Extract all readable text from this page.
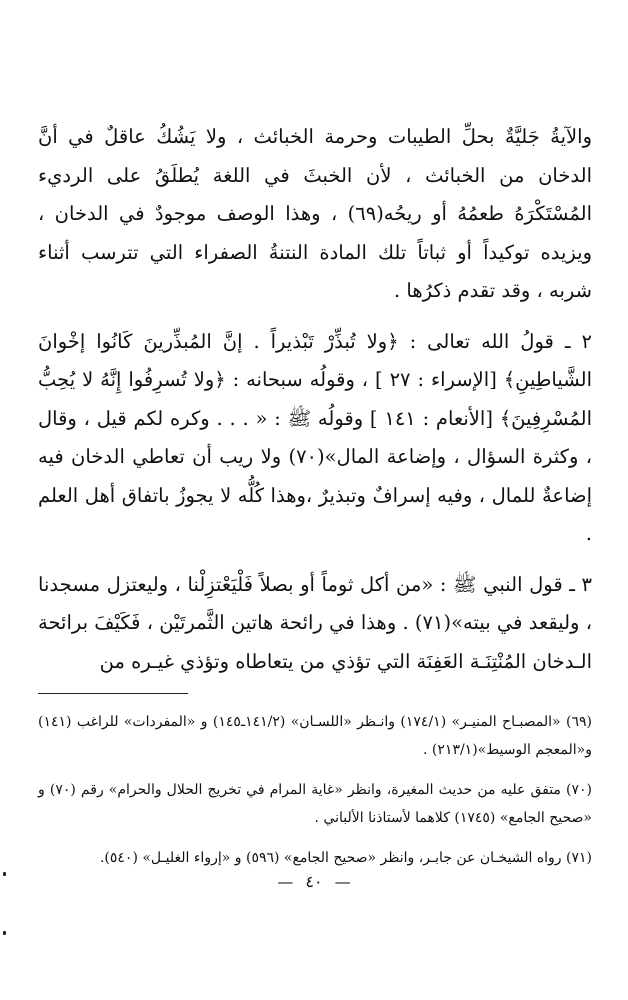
والآيةُ جَليَّةٌ بحلِّ الطيبات وحرمة الخبائث ، ولا يَشُكُ عاقلٌ في أنَّ الدخان من الخبائث ، لأن الخبثَ في اللغة يُطلَقُ على الرديء المُسْتَكْرَهُ طعمُهُ أو ريحُه(٦٩) ، وهذا الوصف موجودٌ في الدخان ، ويزيده توكيداً أو ثباتاً تلك المادة النتنةُ الصفراء التي تترسب أثناء شربه ، وقد تقدم ذكرُها .

٢ ـ قولُ الله تعالى : ﴿ولا تُبذِّرْ تَبْذيراً . إنَّ المُبذِّرينَ كَانُوا إخْوانَ الشَّياطِينِ﴾ [الإسراء : ٢٧ ] ، وقولُه سبحانه : ﴿ولا تُسرِفُوا إِنَّهُ لا يُحِبُّ المُسْرِفِينَ﴾ [الأنعام : ١٤١ ] وقولُه ﷺ : « . . . وكره لكم قيل ، وقال ، وكثرة السؤال ، وإضاعة المال»(٧٠) ولا ريب أن تعاطي الدخان فيه إضاعةٌ للمال ، وفيه إسرافٌ وتبذيرٌ ،وهذا كُلُّه لا يجوزُ باتفاق أهل العلم .

٣ ـ قول النبي ﷺ : «من أكل ثوماً أو بصلاً فَلْيَعْتزِلْنا ، وليعتزل مسجدنا ، وليقعد في بيته»(٧١) . وهذا في رائحة هاتين الثَّمرتَيْن ، فَكَيْفَ برائحة الـدخان المُنْتِنَـة العَفِنَة التي تؤذي من يتعاطاه وتؤذي غيـره من

(٦٩) «المصبـاح المنيـر» (١٧٤/١) وانـظر «اللسـان» (١٤١/٢ـ١٤٥) و «المفردات» للراغب (١٤١) و«المعجم الوسيط»(٢١٣/١) .
(٧٠) متفق عليه من حديث المغيرة، وانظر «غاية المرام في تخريج الحلال والحرام» رقم (٧٠) و «صحيح الجامع» (١٧٤٥) كلاهما لأستاذنا الألباني .
(٧١) رواه الشيخـان عن جابـر، وانظر «صحيح الجامع» (٥٩٦) و «إرواء الغليـل» (٥٤٠).
—٤٠—
